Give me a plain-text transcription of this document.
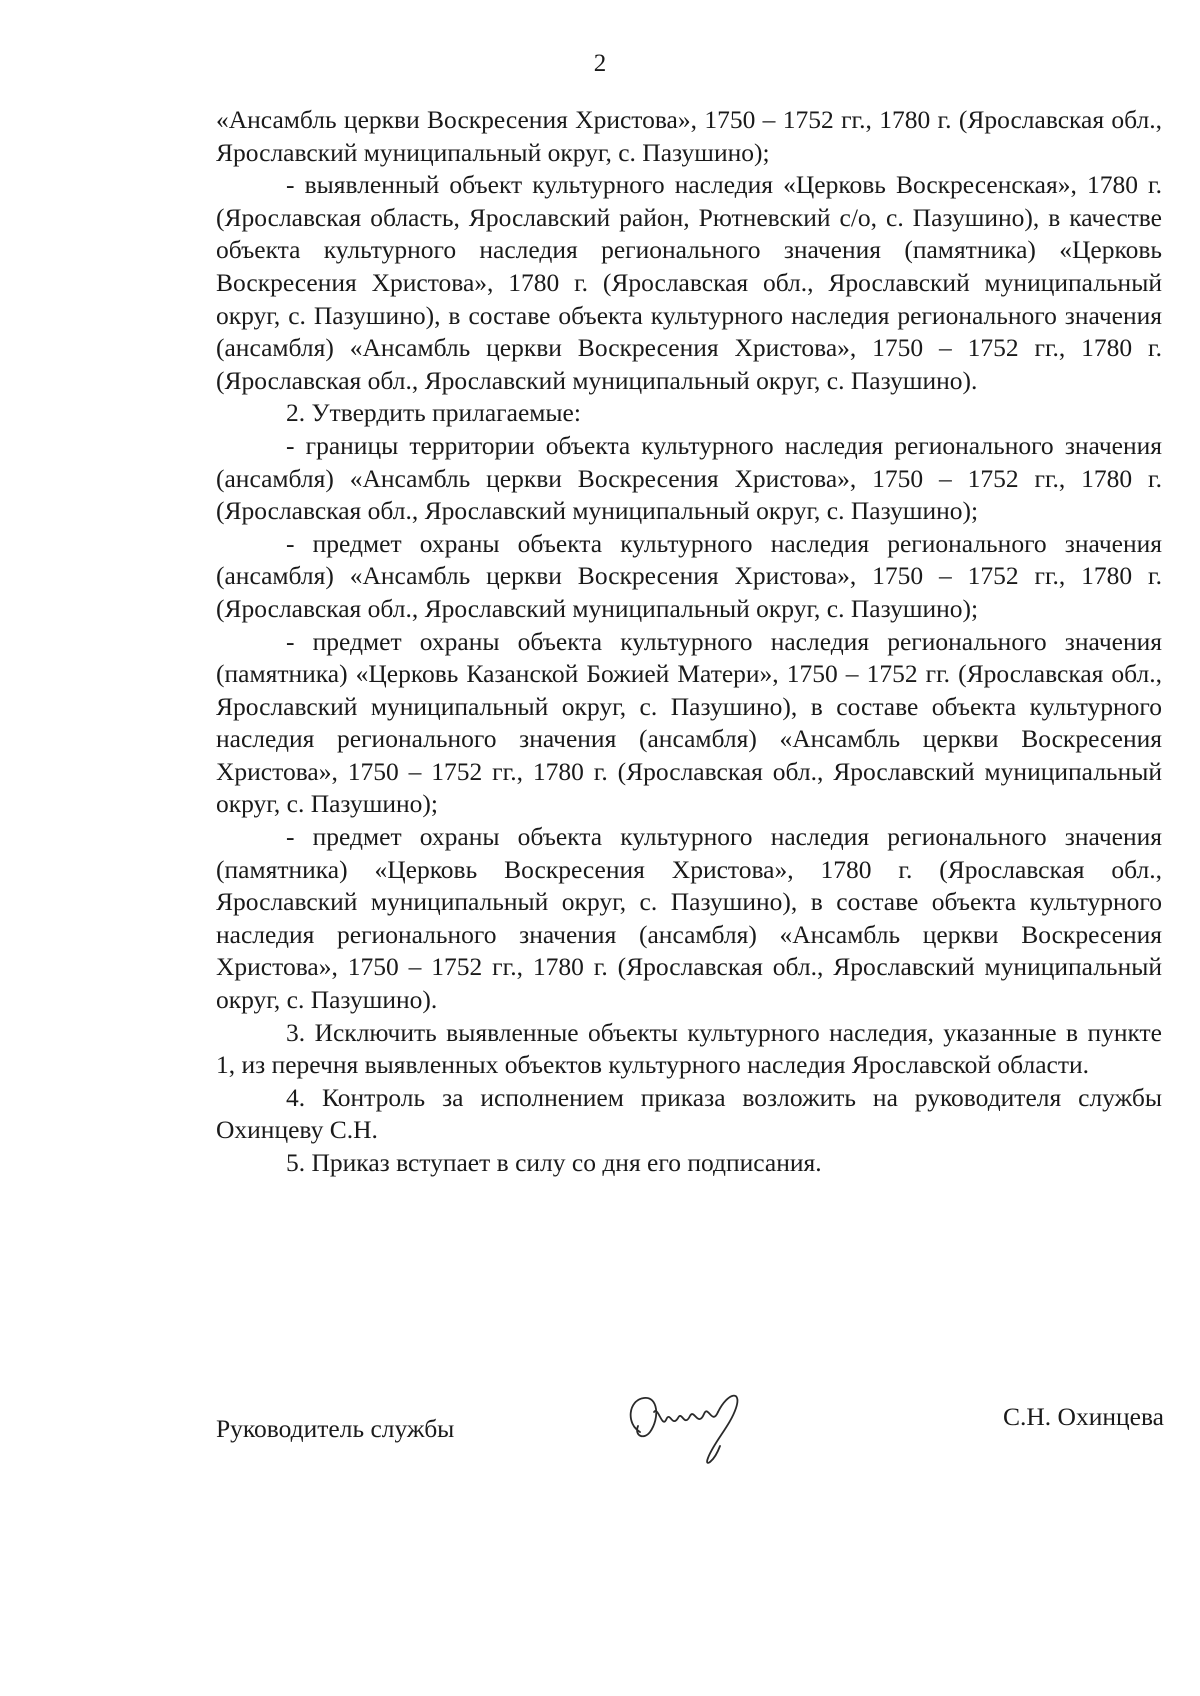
2

«Ансамбль церкви Воскресения Христова», 1750 – 1752 гг., 1780 г. (Ярославская обл., Ярославский муниципальный округ, с. Пазушино);

- выявленный объект культурного наследия «Церковь Воскресенская», 1780 г. (Ярославская область, Ярославский район, Рютневский с/о, с. Пазушино), в качестве объекта культурного наследия регионального значения (памятника) «Церковь Воскресения Христова», 1780 г. (Ярославская обл., Ярославский муниципальный округ, с. Пазушино), в составе объекта культурного наследия регионального значения (ансамбля) «Ансамбль церкви Воскресения Христова», 1750 – 1752 гг., 1780 г. (Ярославская обл., Ярославский муниципальный округ, с. Пазушино).

2. Утвердить прилагаемые:

- границы территории объекта культурного наследия регионального значения (ансамбля) «Ансамбль церкви Воскресения Христова», 1750 – 1752 гг., 1780 г. (Ярославская обл., Ярославский муниципальный округ, с. Пазушино);

- предмет охраны объекта культурного наследия регионального значения (ансамбля) «Ансамбль церкви Воскресения Христова», 1750 – 1752 гг., 1780 г. (Ярославская обл., Ярославский муниципальный округ, с. Пазушино);

- предмет охраны объекта культурного наследия регионального значения (памятника) «Церковь Казанской Божией Матери», 1750 – 1752 гг. (Ярославская обл., Ярославский муниципальный округ, с. Пазушино), в составе объекта культурного наследия регионального значения (ансамбля) «Ансамбль церкви Воскресения Христова», 1750 – 1752 гг., 1780 г. (Ярославская обл., Ярославский муниципальный округ, с. Пазушино);

- предмет охраны объекта культурного наследия регионального значения (памятника) «Церковь Воскресения Христова», 1780 г. (Ярославская обл., Ярославский муниципальный округ, с. Пазушино), в составе объекта культурного наследия регионального значения (ансамбля) «Ансамбль церкви Воскресения Христова», 1750 – 1752 гг., 1780 г. (Ярославская обл., Ярославский муниципальный округ, с. Пазушино).

3. Исключить выявленные объекты культурного наследия, указанные в пункте 1, из перечня выявленных объектов культурного наследия Ярославской области.

4. Контроль за исполнением приказа возложить на руководителя службы Охинцеву С.Н.

5. Приказ вступает в силу со дня его подписания.

Руководитель службы	С.Н. Охинцева
